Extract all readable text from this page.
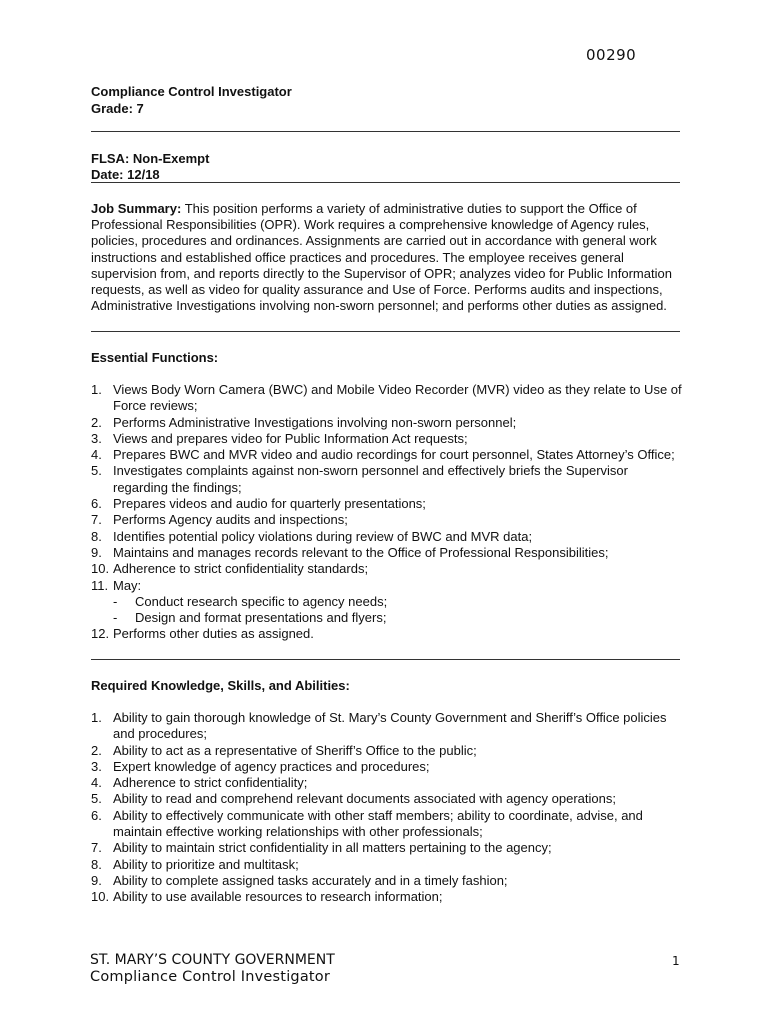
00290
Compliance Control Investigator
Grade: 7
FLSA: Non-Exempt
Date: 12/18
Job Summary: This position performs a variety of administrative duties to support the Office of Professional Responsibilities (OPR). Work requires a comprehensive knowledge of Agency rules, policies, procedures and ordinances. Assignments are carried out in accordance with general work instructions and established office practices and procedures. The employee receives general supervision from, and reports directly to the Supervisor of OPR; analyzes video for Public Information requests, as well as video for quality assurance and Use of Force. Performs audits and inspections, Administrative Investigations involving non-sworn personnel; and performs other duties as assigned.
Essential Functions:
1. Views Body Worn Camera (BWC) and Mobile Video Recorder (MVR) video as they relate to Use of Force reviews;
2. Performs Administrative Investigations involving non-sworn personnel;
3. Views and prepares video for Public Information Act requests;
4. Prepares BWC and MVR video and audio recordings for court personnel, States Attorney’s Office;
5. Investigates complaints against non-sworn personnel and effectively briefs the Supervisor regarding the findings;
6. Prepares videos and audio for quarterly presentations;
7. Performs Agency audits and inspections;
8. Identifies potential policy violations during review of BWC and MVR data;
9. Maintains and manages records relevant to the Office of Professional Responsibilities;
10. Adherence to strict confidentiality standards;
11. May:
- Conduct research specific to agency needs;
- Design and format presentations and flyers;
12. Performs other duties as assigned.
Required Knowledge, Skills, and Abilities:
1. Ability to gain thorough knowledge of St. Mary’s County Government and Sheriff’s Office policies and procedures;
2. Ability to act as a representative of Sheriff’s Office to the public;
3. Expert knowledge of agency practices and procedures;
4. Adherence to strict confidentiality;
5. Ability to read and comprehend relevant documents associated with agency operations;
6. Ability to effectively communicate with other staff members; ability to coordinate, advise, and maintain effective working relationships with other professionals;
7. Ability to maintain strict confidentiality in all matters pertaining to the agency;
8. Ability to prioritize and multitask;
9. Ability to complete assigned tasks accurately and in a timely fashion;
10. Ability to use available resources to research information;
ST. MARY’S COUNTY GOVERNMENT
Compliance Control Investigator
1
